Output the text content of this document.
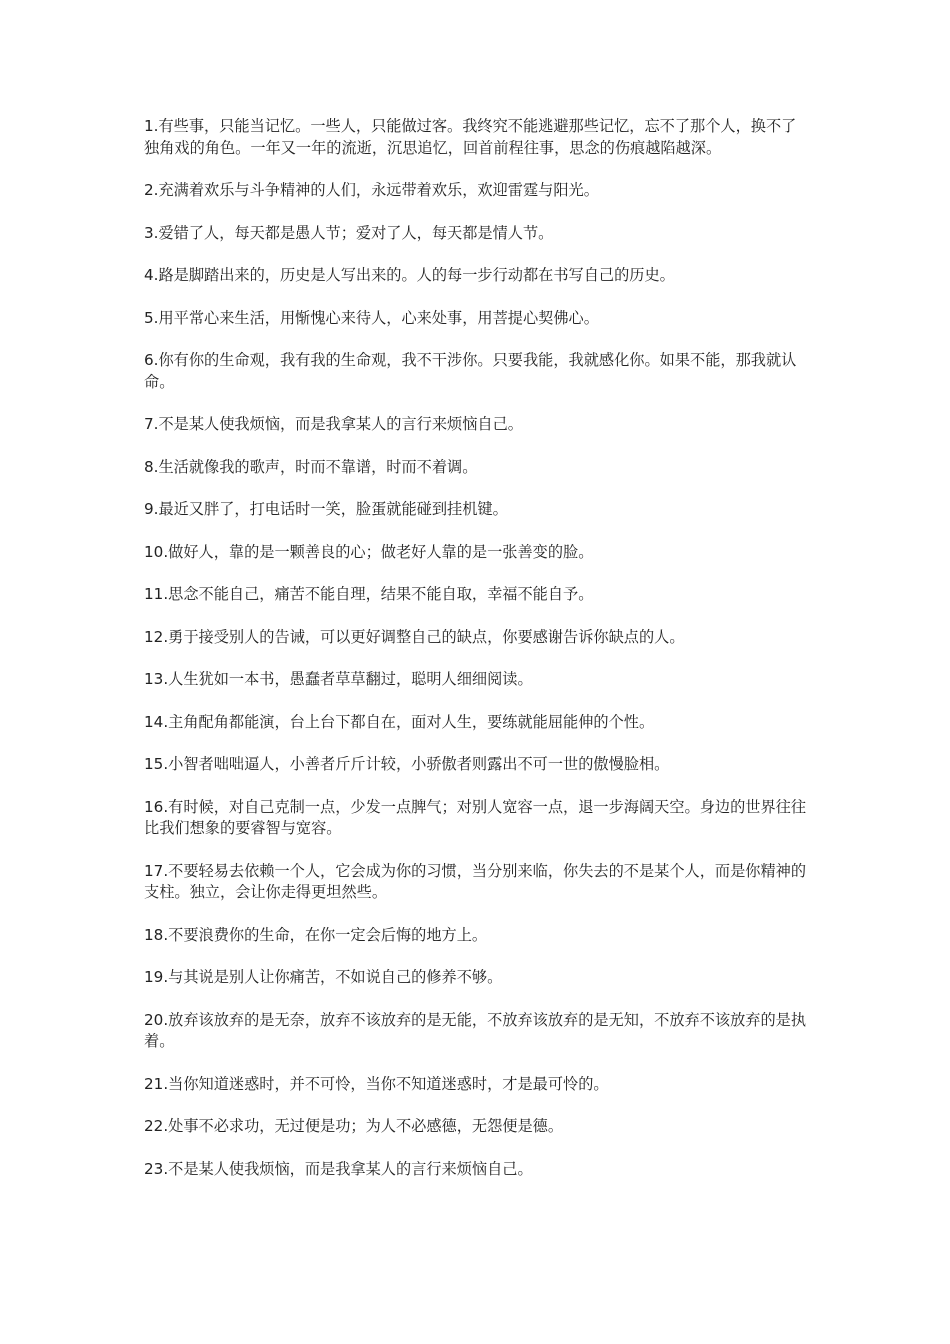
1.有些事，只能当记忆。一些人，只能做过客。我终究不能逃避那些记忆，忘不了那个人，换不了独角戏的角色。一年又一年的流逝，沉思追忆，回首前程往事，思念的伤痕越陷越深。

2.充满着欢乐与斗争精神的人们，永远带着欢乐，欢迎雷霆与阳光。

3.爱错了人，每天都是愚人节；爱对了人，每天都是情人节。

4.路是脚踏出来的，历史是人写出来的。人的每一步行动都在书写自己的历史。

5.用平常心来生活，用惭愧心来待人，心来处事，用菩提心契佛心。

6.你有你的生命观，我有我的生命观，我不干涉你。只要我能，我就感化你。如果不能，那我就认命。

7.不是某人使我烦恼，而是我拿某人的言行来烦恼自己。

8.生活就像我的歌声，时而不靠谱，时而不着调。

9.最近又胖了，打电话时一笑，脸蛋就能碰到挂机键。

10.做好人，靠的是一颗善良的心；做老好人靠的是一张善变的脸。

11.思念不能自己，痛苦不能自理，结果不能自取，幸福不能自予。

12.勇于接受别人的告诫，可以更好调整自己的缺点，你要感谢告诉你缺点的人。

13.人生犹如一本书，愚蠢者草草翻过，聪明人细细阅读。

14.主角配角都能演，台上台下都自在，面对人生，要练就能屈能伸的个性。

15.小智者咄咄逼人，小善者斤斤计较，小骄傲者则露出不可一世的傲慢脸相。

16.有时候，对自己克制一点，少发一点脾气；对别人宽容一点，退一步海阔天空。身边的世界往往比我们想象的要睿智与宽容。

17.不要轻易去依赖一个人，它会成为你的习惯，当分别来临，你失去的不是某个人，而是你精神的支柱。独立，会让你走得更坦然些。

18.不要浪费你的生命，在你一定会后悔的地方上。

19.与其说是别人让你痛苦，不如说自己的修养不够。

20.放弃该放弃的是无奈，放弃不该放弃的是无能，不放弃该放弃的是无知，不放弃不该放弃的是执着。

21.当你知道迷惑时，并不可怜，当你不知道迷惑时，才是最可怜的。

22.处事不必求功，无过便是功；为人不必感德，无怨便是德。

23.不是某人使我烦恼，而是我拿某人的言行来烦恼自己。
